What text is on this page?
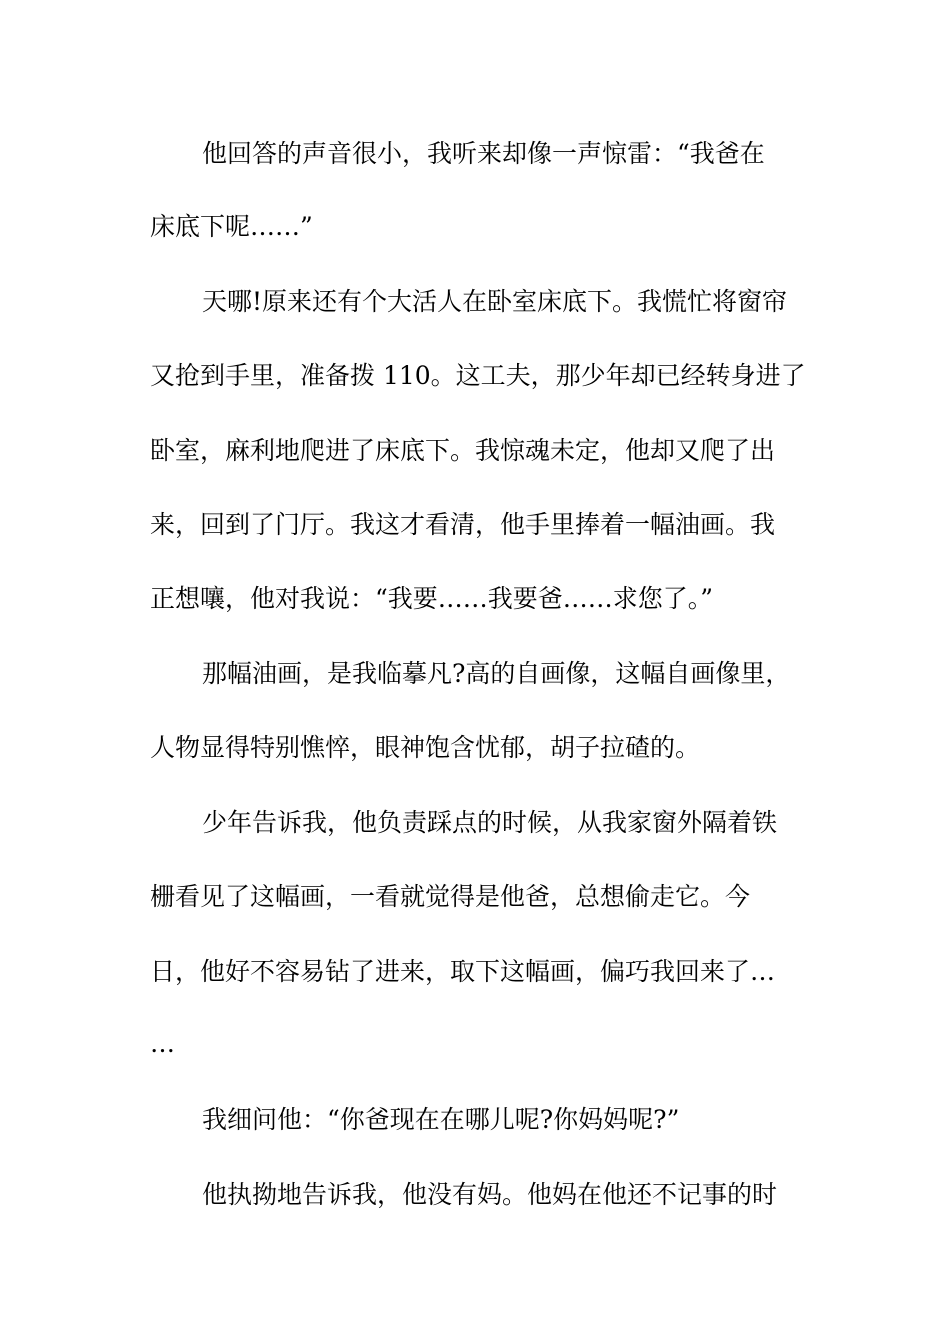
他回答的声音很小，我听来却像一声惊雷：“我爸在
床底下呢……”
天哪!原来还有个大活人在卧室床底下。我慌忙将窗帘
又抢到手里，准备拨 110。这工夫，那少年却已经转身进了
卧室，麻利地爬进了床底下。我惊魂未定，他却又爬了出
来，回到了门厅。我这才看清，他手里捧着一幅油画。我
正想嚷，他对我说：“我要……我要爸……求您了。”
那幅油画，是我临摹凡?高的自画像，这幅自画像里，
人物显得特别憔悴，眼神饱含忧郁，胡子拉碴的。
少年告诉我，他负责踩点的时候，从我家窗外隔着铁
栅看见了这幅画，一看就觉得是他爸，总想偷走它。今
日，他好不容易钻了进来，取下这幅画，偏巧我回来了…
…
我细问他：“你爸现在在哪儿呢?你妈妈呢?”
他执拗地告诉我，他没有妈。他妈在他还不记事的时
